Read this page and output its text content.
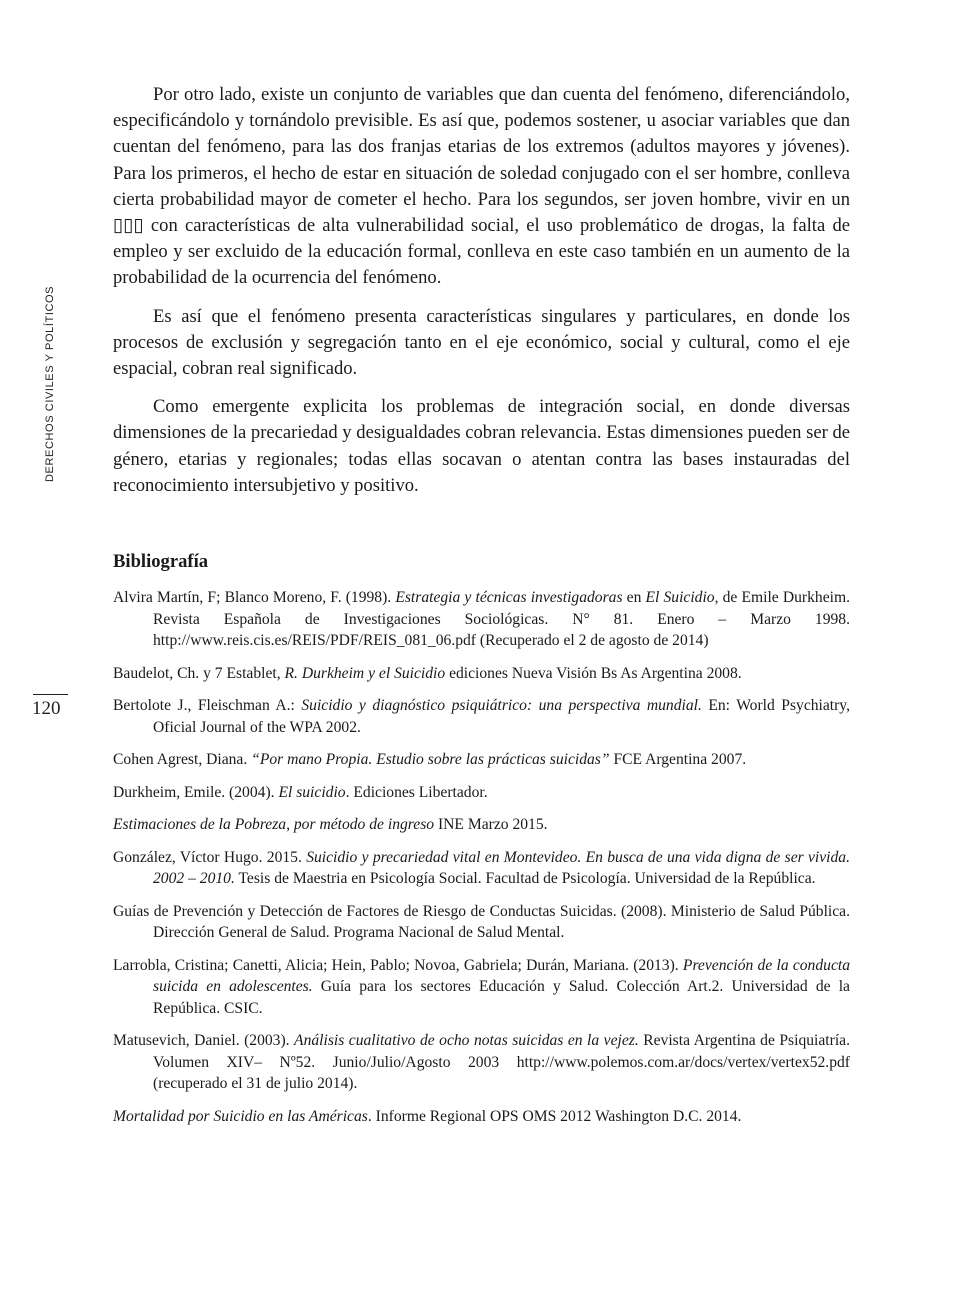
DERECHOS CIVILES Y POLÍTICOS
120

Por otro lado, existe un conjunto de variables que dan cuenta del fenómeno, diferenciándolo, especificándolo y tornándolo previsible. Es así que, podemos sostener, u asociar variables que dan cuentan del fenómeno, para las dos franjas etarias de los extremos (adultos mayores y jóvenes). Para los primeros, el hecho de estar en situación de soledad conjugado con el ser hombre, conlleva cierta probabilidad mayor de cometer el hecho. Para los segundos, ser joven hombre, vivir en un ▯▯▯ con características de alta vulnerabilidad social, el uso problemático de drogas, la falta de empleo y ser excluido de la educación formal, conlleva en este caso también en un aumento de la probabilidad de la ocurrencia del fenómeno.

Es así que el fenómeno presenta características singulares y particulares, en donde los procesos de exclusión y segregación tanto en el eje económico, social y cultural, como el eje espacial, cobran real significado.

Como emergente explicita los problemas de integración social, en donde diversas dimensiones de la precariedad y desigualdades cobran relevancia. Estas dimensiones pueden ser de género, etarias y regionales; todas ellas socavan o atentan contra las bases instauradas del reconocimiento intersubjetivo y positivo.

Bibliografía
Alvira Martín, F; Blanco Moreno, F. (1998). Estrategia y técnicas investigadoras en El Suicidio, de Emile Durkheim. Revista Española de Investigaciones Sociológicas. N° 81. Enero – Marzo 1998. http://www.reis.cis.es/REIS/PDF/REIS_081_06.pdf (Recuperado el 2 de agosto de 2014)
Baudelot, Ch. y 7 Establet, R. Durkheim y el Suicidio ediciones Nueva Visión Bs As Argentina 2008.
Bertolote J., Fleischman A.: Suicidio y diagnóstico psiquiátrico: una perspectiva mundial. En: World Psychiatry, Oficial Journal of the WPA 2002.
Cohen Agrest, Diana. “Por mano Propia. Estudio sobre las prácticas suicidas” FCE Argentina 2007.
Durkheim, Emile. (2004). El suicidio. Ediciones Libertador.
Estimaciones de la Pobreza, por método de ingreso INE Marzo 2015.
González, Víctor Hugo. 2015. Suicidio y precariedad vital en Montevideo. En busca de una vida digna de ser vivida. 2002 – 2010. Tesis de Maestria en Psicología Social. Facultad de Psicología. Universidad de la República.
Guías de Prevención y Detección de Factores de Riesgo de Conductas Suicidas. (2008). Ministerio de Salud Pública. Dirección General de Salud. Programa Nacional de Salud Mental.
Larrobla, Cristina; Canetti, Alicia; Hein, Pablo; Novoa, Gabriela; Durán, Mariana. (2013). Prevención de la conducta suicida en adolescentes. Guía para los sectores Educación y Salud. Colección Art.2. Universidad de la República. CSIC.
Matusevich, Daniel. (2003). Análisis cualitativo de ocho notas suicidas en la vejez. Revista Argentina de Psiquiatría. Volumen XIV– Nº52. Junio/Julio/Agosto 2003 http://www.polemos.com.ar/docs/vertex/vertex52.pdf (recuperado el 31 de julio 2014).
Mortalidad por Suicidio en las Américas. Informe Regional OPS OMS 2012 Washington D.C. 2014.
